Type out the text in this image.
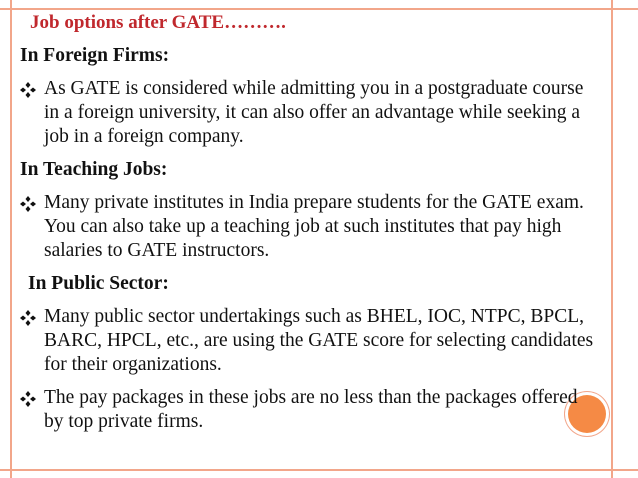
Job options after GATE……….
In Foreign Firms:
As GATE is considered while admitting you in a postgraduate course in a foreign university, it can also offer an advantage while seeking a job in a foreign company.
In Teaching Jobs:
Many private institutes in India prepare students for the GATE exam. You can also take up a teaching job at such institutes that pay high salaries to GATE instructors.
In Public Sector:
Many public sector undertakings such as BHEL, IOC, NTPC, BPCL, BARC, HPCL, etc., are using the GATE score for selecting candidates for their organizations.
The pay packages in these jobs are no less than the packages offered by top private firms.
